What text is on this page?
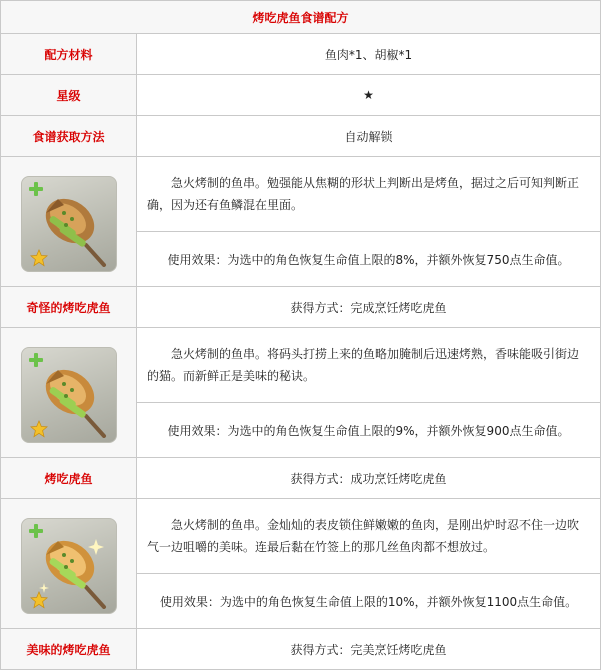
烤吃虎鱼食谱配方	
配方材料	鱼肉*1、胡椒*1
星级	★
食谱获取方法	自动解锁

	急火烤制的鱼串。勉强能从焦糊的形状上判断出是烤鱼，据过之后可知判断正确，因为还有鱼鳞混在里面。
	使用效果：为选中的角色恢复生命值上限的8%，并额外恢复750点生命值。
奇怪的烤吃虎鱼	获得方式：完成烹饪烤吃虎鱼

	急火烤制的鱼串。将码头打捞上来的鱼略加腌制后迅速烤熟，香味能吸引街边的猫。而新鲜正是美味的秘诀。
	使用效果：为选中的角色恢复生命值上限的9%，并额外恢复900点生命值。
烤吃虎鱼	获得方式：成功烹饪烤吃虎鱼

	急火烤制的鱼串。金灿灿的表皮锁住鲜嫩嫩的鱼肉，是刚出炉时忍不住一边吹气一边咀嚼的美味。连最后黏在竹签上的那几丝鱼肉都不想放过。
	使用效果：为选中的角色恢复生命值上限的10%，并额外恢复1100点生命值。
美味的烤吃虎鱼	获得方式：完美烹饪烤吃虎鱼
